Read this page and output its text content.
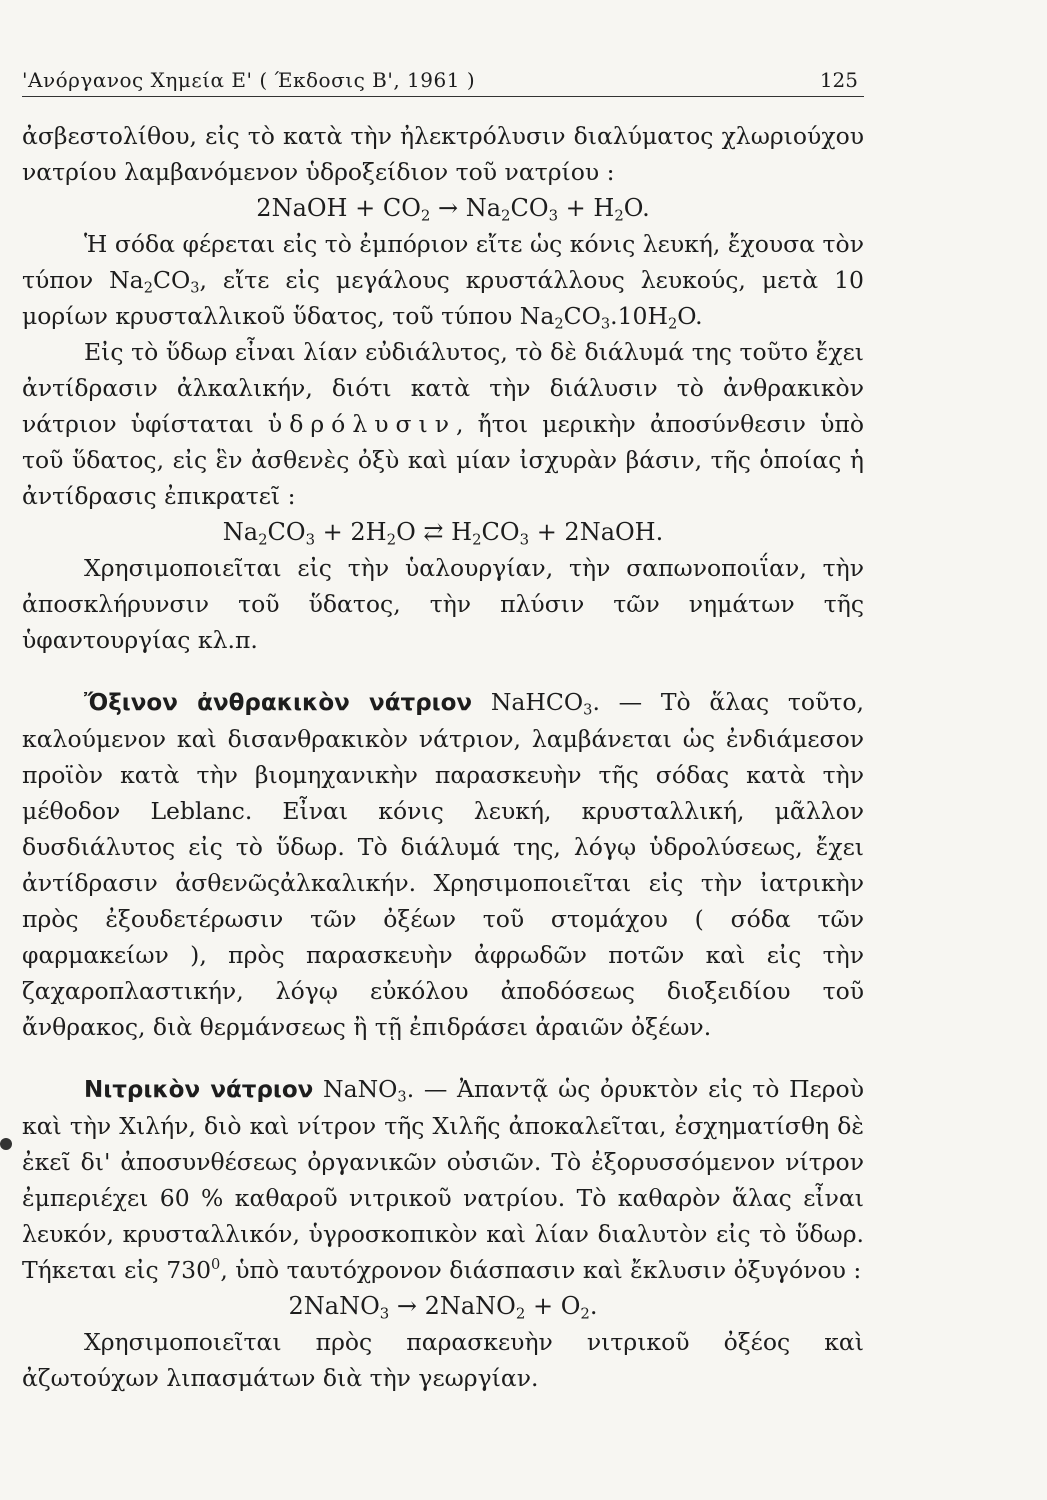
'Ανόργανος Χημεία Ε' ( Έκδοσις Β', 1961 )	125

ἀσβεστολίθου, εἰς τὸ κατὰ τὴν ἠλεκτρόλυσιν διαλύματος χλωριούχου νατρίου λαμβανόμενον ὑδροξείδιον τοῦ νατρίου :

2NaOH + $CO_2 \to Na_2CO_3 + H_2O$.

Ἡ σόδα φέρεται εἰς τὸ ἐμπόριον εἴτε ὡς κόνις λευκή, ἔχουσα τὸν τύπον $Na_2CO_3$, εἴτε εἰς μεγάλους κρυστάλλους λευκούς, μετὰ 10 μορίων κρυσταλλικοῦ ὕδατος, τοῦ τύπου $Na_2CO_3.10H_2O$.

Εἰς τὸ ὕδωρ εἶναι λίαν εὐδιάλυτος, τὸ δὲ διάλυμά της τοῦτο ἔχει ἀντίδρασιν ἀλκαλικήν, διότι κατὰ τὴν διάλυσιν τὸ ἀνθρακικὸν νάτριον ὑφίσταται ὑδρόλυσιν, ἤτοι μερικὴν ἀποσύνθεσιν ὑπὸ τοῦ ὕδατος, εἰς ἓν ἀσθενὲς ὀξὺ καὶ μίαν ἰσχυρὰν βάσιν, τῆς ὁποίας ἡ ἀντίδρασις ἐπικρατεῖ :

$Na_2CO_3 + 2H_2O$ ⇄ $H_2CO_3$ + 2NaOH.

Χρησιμοποιεῖται εἰς τὴν ὑαλουργίαν, τὴν σαπωνοποιΐαν, τὴν ἀποσκλήρυνσιν τοῦ ὕδατος, τὴν πλύσιν τῶν νημάτων τῆς ὑφαντουργίας κλ.π.

Ὄξινον ἀνθρακικὸν νάτριον NaHCO$_3$. — Τὸ ἅλας τοῦτο, καλούμενον καὶ δισανθρακικὸν νάτριον, λαμβάνεται ὡς ἐνδιάμεσον προϊὸν κατὰ τὴν βιομηχανικὴν παρασκευὴν τῆς σόδας κατὰ τὴν μέθοδον Leblanc. Εἶναι κόνις λευκή, κρυσταλλική, μᾶλλον δυσδιάλυτος εἰς τὸ ὕδωρ. Τὸ διάλυμά της, λόγῳ ὑδρολύσεως, ἔχει ἀντίδρασιν ἀσθενῶςἀλκαλικήν. Χρησιμοποιεῖται εἰς τὴν ἰατρικὴν πρὸς ἐξουδετέρωσιν τῶν ὀξέων τοῦ στομάχου ( σόδα τῶν φαρμακείων ), πρὸς παρασκευὴν ἀφρωδῶν ποτῶν καὶ εἰς τὴν ζαχαροπλαστικήν, λόγῳ εὐκόλου ἀποδόσεως διοξειδίου τοῦ ἄνθρακος, διὰ θερμάνσεως ἢ τῇ ἐπιδράσει ἀραιῶν ὀξέων.

Νιτρικὸν νάτριον NaNO$_3$. — Ἀπαντᾷ ὡς ὀρυκτὸν εἰς τὸ Περοὺ καὶ τὴν Χιλήν, διὸ καὶ νίτρον τῆς Χιλῆς ἀποκαλεῖται, ἐσχηματίσθη δὲ ἐκεῖ δι' ἀποσυνθέσεως ὀργανικῶν οὐσιῶν. Τὸ ἐξορυσσόμενον νίτρον ἐμπεριέχει 60 % καθαροῦ νιτρικοῦ νατρίου. Τὸ καθαρὸν ἅλας εἶναι λευκόν, κρυσταλλικόν, ὑγροσκοπικὸν καὶ λίαν διαλυτὸν εἰς τὸ ὕδωρ. Τήκεται εἰς $730^0$, ὑπὸ ταυτόχρονον διάσπασιν καὶ ἔκλυσιν ὀξυγόνου :

2NaNO$_3$ → 2NaNO$_2$ + $O_2$.

Χρησιμοποιεῖται πρὸς παρασκευὴν νιτρικοῦ ὀξέος καὶ ἀζωτούχων λιπασμάτων διὰ τὴν γεωργίαν.
